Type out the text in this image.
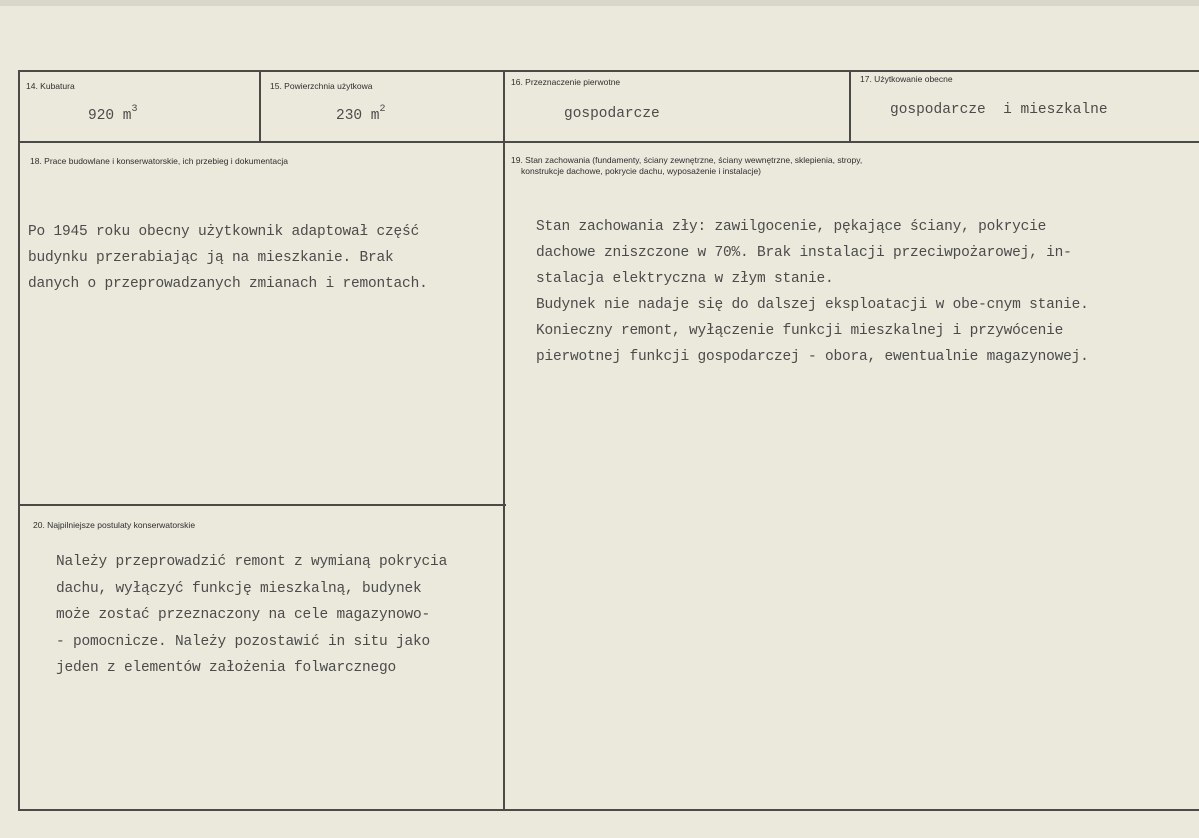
14. Kubatura
920 $m^3$
15. Powierzchnia użytkowa
230 $m^2$
16. Przeznaczenie pierwotne
gospodarcze
17. Użytkowanie obecne
gospodarcze  i mieszkalne
18. Prace budowlane i konserwatorskie, ich przebieg i dokumentacja
Po 1945 roku obecny użytkownik adaptował część
budynku przerabiając ją na mieszkanie. Brak
danych o przeprowadzanych zmianach i remontach.
19. Stan zachowania (fundamenty, ściany zewnętrzne, ściany wewnętrzne, sklepienia, stropy,
konstrukcje dachowe, pokrycie dachu, wyposażenie i instalacje)
Stan zachowania zły: zawilgocenie, pękające ściany, pokrycie
dachowe zniszczone w 70%. Brak instalacji przeciwpożarowej, in-
stalacja elektryczna w złym stanie.
Budynek nie nadaje się do dalszej eksploatacji w obe-cnym stanie.
Konieczny remont, wyłączenie funkcji mieszkalnej i przywócenie
pierwotnej funkcji gospodarczej - obora, ewentualnie magazynowej.
20. Najpilniejsze postulaty konserwatorskie
Należy przeprowadzić remont z wymianą pokrycia
dachu, wyłączyć funkcję mieszkalną, budynek
może zostać przeznaczony na cele magazynowo-
- pomocnicze. Należy pozostawić in situ jako
jeden z elementów założenia folwarcznego
